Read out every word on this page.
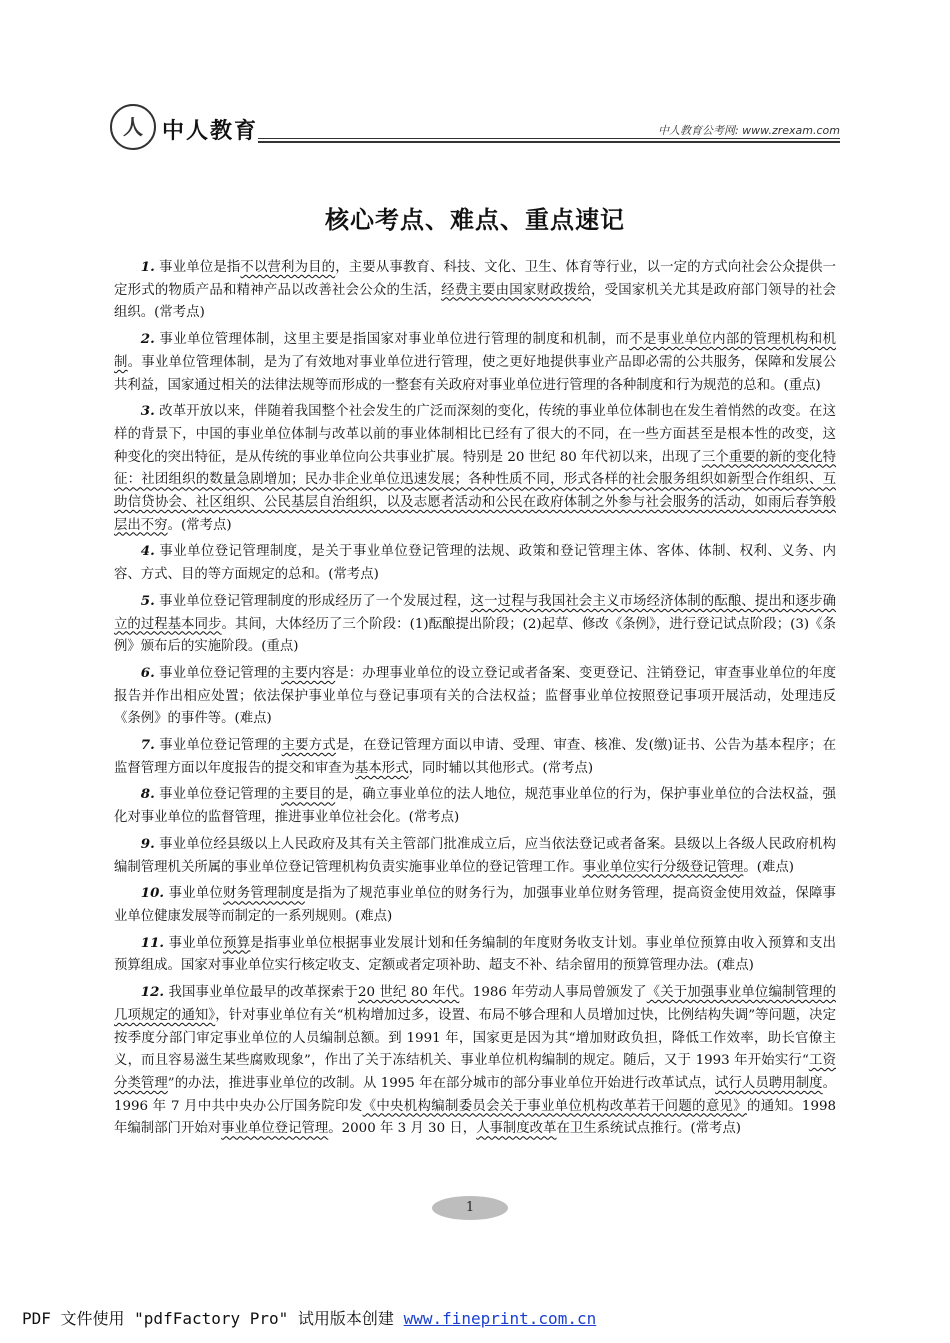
人 中人教育	中人教育公考网: www.zrexam.com
核心考点、难点、重点速记

1. 事业单位是指不以营利为目的，主要从事教育、科技、文化、卫生、体育等行业，以一定的方式向社会公众提供一定形式的物质产品和精神产品以改善社会公众的生活，经费主要由国家财政拨给，受国家机关尤其是政府部门领导的社会组织。(常考点)

2. 事业单位管理体制，这里主要是指国家对事业单位进行管理的制度和机制，而不是事业单位内部的管理机构和机制。事业单位管理体制，是为了有效地对事业单位进行管理，使之更好地提供事业产品即必需的公共服务，保障和发展公共利益，国家通过相关的法律法规等而形成的一整套有关政府对事业单位进行管理的各种制度和行为规范的总和。(重点)

3. 改革开放以来，伴随着我国整个社会发生的广泛而深刻的变化，传统的事业单位体制也在发生着悄然的改变。在这样的背景下，中国的事业单位体制与改革以前的事业体制相比已经有了很大的不同，在一些方面甚至是根本性的改变，这种变化的突出特征，是从传统的事业单位向公共事业扩展。特别是 20 世纪 80 年代初以来，出现了三个重要的新的变化特征：社团组织的数量急剧增加；民办非企业单位迅速发展；各种性质不同，形式各样的社会服务组织如新型合作组织、互助信贷协会、社区组织、公民基层自治组织，以及志愿者活动和公民在政府体制之外参与社会服务的活动，如雨后春笋般层出不穷。(常考点)

4. 事业单位登记管理制度，是关于事业单位登记管理的法规、政策和登记管理主体、客体、体制、权利、义务、内容、方式、目的等方面规定的总和。(常考点)

5. 事业单位登记管理制度的形成经历了一个发展过程，这一过程与我国社会主义市场经济体制的酝酿、提出和逐步确立的过程基本同步。其间，大体经历了三个阶段：(1)酝酿提出阶段；(2)起草、修改《条例》，进行登记试点阶段；(3)《条例》颁布后的实施阶段。(重点)

6. 事业单位登记管理的主要内容是：办理事业单位的设立登记或者备案、变更登记、注销登记，审查事业单位的年度报告并作出相应处置；依法保护事业单位与登记事项有关的合法权益；监督事业单位按照登记事项开展活动，处理违反《条例》的事件等。(难点)

7. 事业单位登记管理的主要方式是，在登记管理方面以申请、受理、审查、核准、发(缴)证书、公告为基本程序；在监督管理方面以年度报告的提交和审查为基本形式，同时辅以其他形式。(常考点)

8. 事业单位登记管理的主要目的是，确立事业单位的法人地位，规范事业单位的行为，保护事业单位的合法权益，强化对事业单位的监督管理，推进事业单位社会化。(常考点)

9. 事业单位经县级以上人民政府及其有关主管部门批准成立后，应当依法登记或者备案。县级以上各级人民政府机构编制管理机关所属的事业单位登记管理机构负责实施事业单位的登记管理工作。事业单位实行分级登记管理。(难点)

10. 事业单位财务管理制度是指为了规范事业单位的财务行为，加强事业单位财务管理，提高资金使用效益，保障事业单位健康发展等而制定的一系列规则。(难点)

11. 事业单位预算是指事业单位根据事业发展计划和任务编制的年度财务收支计划。事业单位预算由收入预算和支出预算组成。国家对事业单位实行核定收支、定额或者定项补助、超支不补、结余留用的预算管理办法。(难点)

12. 我国事业单位最早的改革探索于20 世纪 80 年代。1986 年劳动人事局曾颁发了《关于加强事业单位编制管理的几项规定的通知》，针对事业单位有关“机构增加过多，设置、布局不够合理和人员增加过快，比例结构失调”等问题，决定按季度分部门审定事业单位的人员编制总额。到 1991 年，国家更是因为其“增加财政负担，降低工作效率，助长官僚主义，而且容易滋生某些腐败现象”，作出了关于冻结机关、事业单位机构编制的规定。随后，又于 1993 年开始实行“工资分类管理”的办法，推进事业单位的改制。从 1995 年在部分城市的部分事业单位开始进行改革试点，试行人员聘用制度。1996 年 7 月中共中央办公厅国务院印发《中央机构编制委员会关于事业单位机构改革若干问题的意见》的通知。1998 年编制部门开始对事业单位登记管理。2000 年 3 月 30 日，人事制度改革在卫生系统试点推行。(常考点)

1
PDF 文件使用 "pdfFactory Pro" 试用版本创建 www.fineprint.com.cn
